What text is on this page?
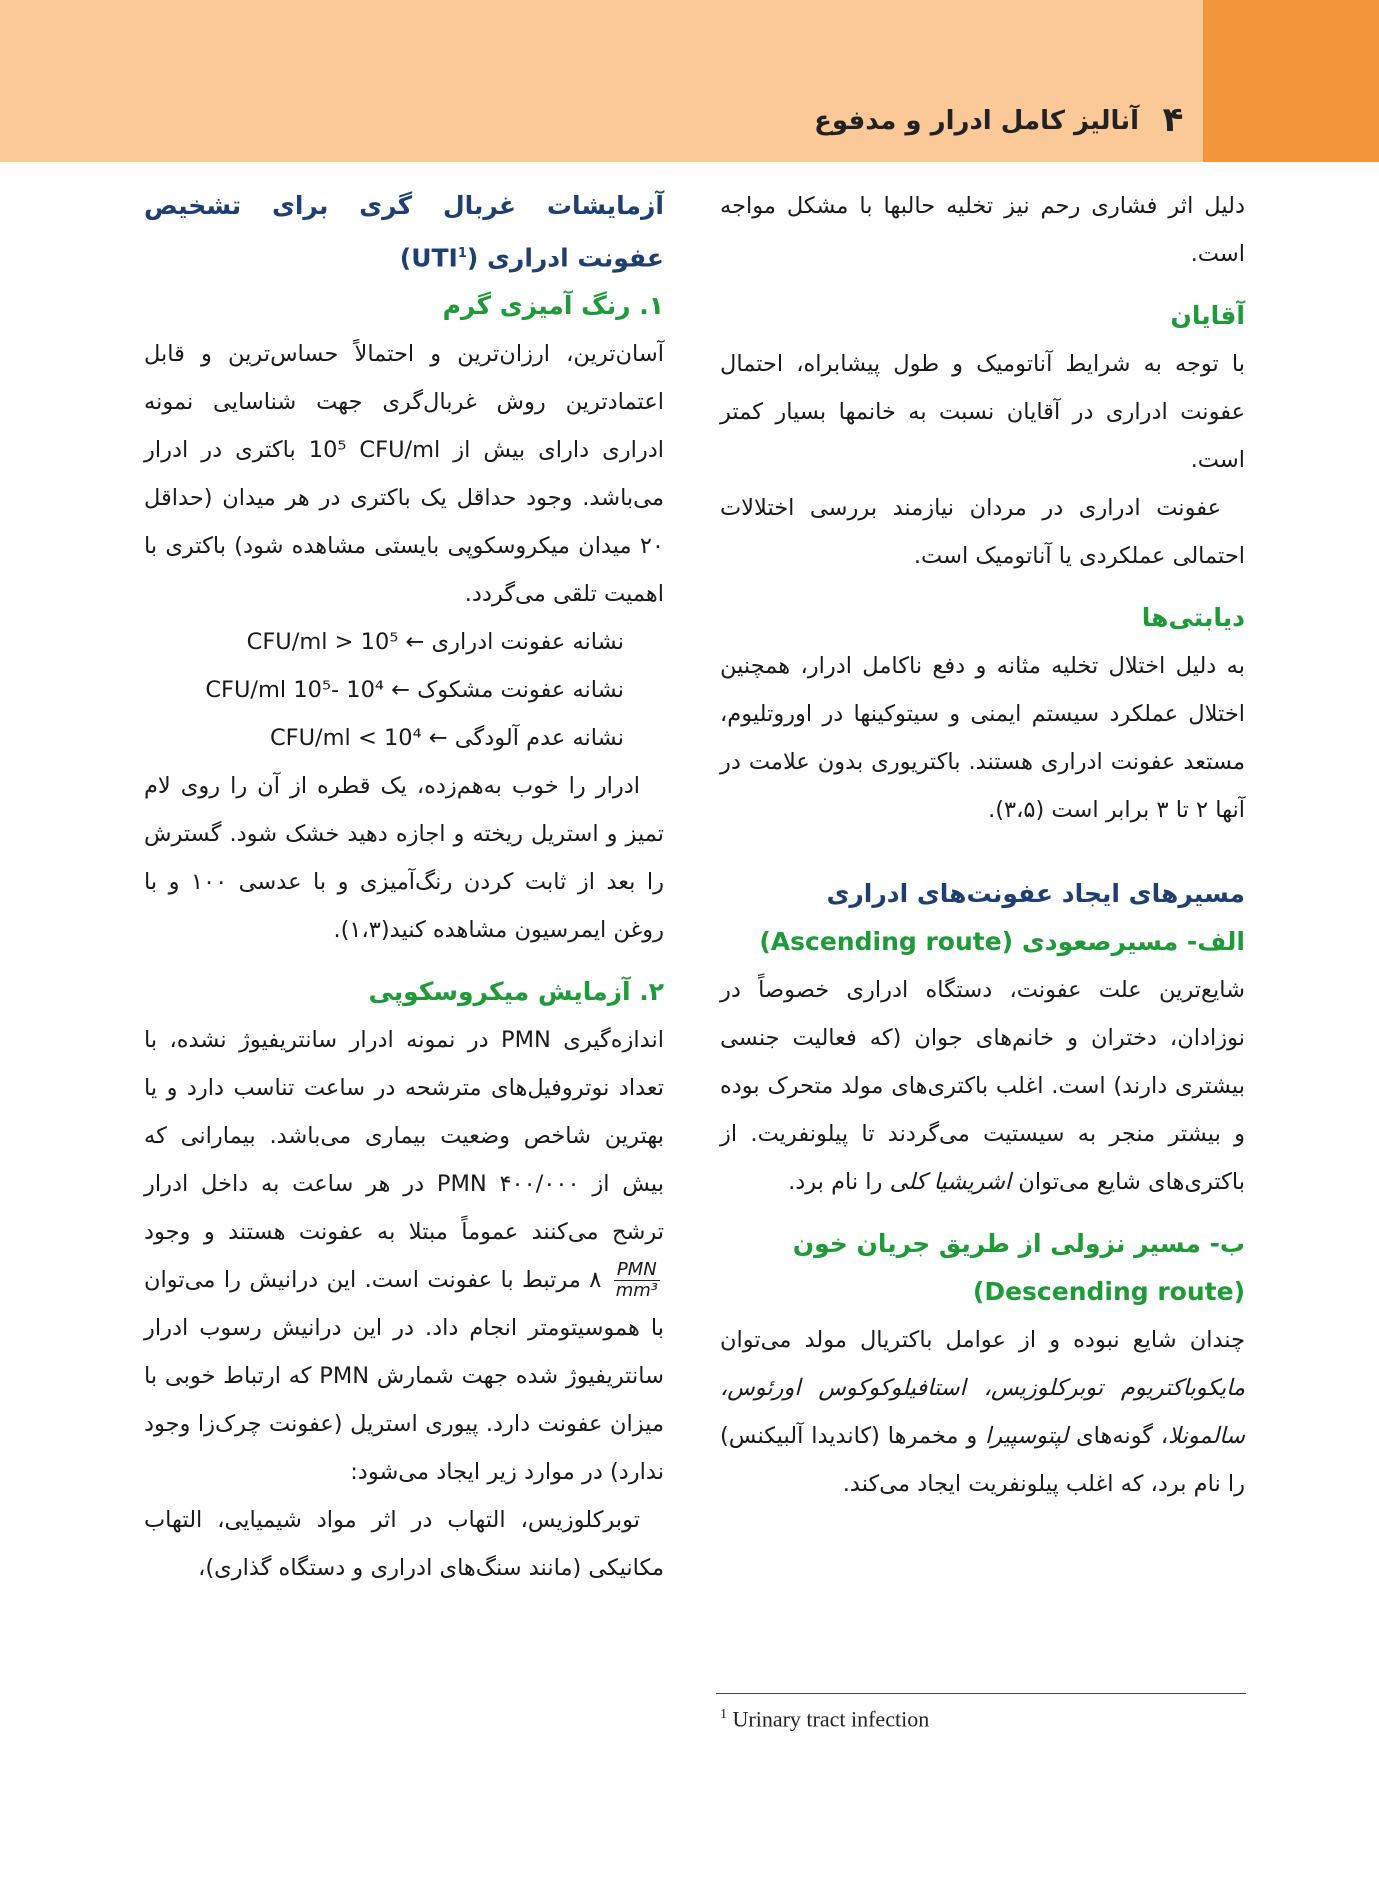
۴
آنالیز کامل ادرار و مدفوع

دلیل اثر فشاری رحم نیز تخلیه حالبها با مشکل مواجه است.

آقایان

با توجه به شرایط آناتومیک و طول پیشابراه، احتمال عفونت ادراری در آقایان نسبت به خانمها بسیار کمتر است.

عفونت ادراری در مردان نیازمند بررسی اختلالات احتمالی عملکردی یا آناتومیک است.

دیابتی‌ها

به دلیل اختلال تخلیه مثانه و دفع ناکامل ادرار، همچنین اختلال عملکرد سیستم ایمنی و سیتوکینها در اوروتلیوم، مستعد عفونت ادراری هستند. باکتریوری بدون علامت در آنها ۲ تا ۳ برابر است (۳،۵).

مسیرهای ایجاد عفونت‌های ادراری

الف- مسیرصعودی (Ascending route)

شایع‌ترین علت عفونت، دستگاه ادراری خصوصاً در نوزادان، دختران و خانم‌های جوان (که فعالیت جنسی بیشتری دارند) است. اغلب باکتری‌های مولد متحرک بوده و بیشتر منجر به سیستیت می‌گردند تا پیلونفریت. از باکتری‌های شایع می‌توان اشریشیا کلی را نام برد.

ب- مسیر نزولی از طریق جریان خون

(Descending route)

چندان شایع نبوده و از عوامل باکتریال مولد می‌توان مایکوباکتریوم توبرکلوزیس، استافیلوکوکوس اورئوس، سالمونلا، گونه‌های لپتوسپیرا و مخمرها (کاندیدا آلبیکنس) را نام برد، که اغلب پیلونفریت ایجاد می‌کند.

آزمایشات غربال گری برای تشخیص عفونت ادراری (UTI$^1$)

۱. رنگ آمیزی گرم

آسان‌ترین، ارزان‌ترین و احتمالاً حساس‌ترین و قابل اعتمادترین روش غربال‌گری جهت شناسایی نمونه ادراری دارای بیش از 10⁵ CFU/ml باکتری در ادرار می‌باشد. وجود حداقل یک باکتری در هر میدان (حداقل ۲۰ میدان میکروسکوپی بایستی مشاهده شود) باکتری با اهمیت تلقی می‌گردد.

نشانه عفونت ادراری ← CFU/ml > 10⁵
نشانه عفونت مشکوک ← CFU/ml 10⁵- 10⁴
نشانه عدم آلودگی ← CFU/ml < 10⁴

ادرار را خوب به‌هم‌زده، یک قطره از آن را روی لام تمیز و استریل ریخته و اجازه دهید خشک شود. گسترش را بعد از ثابت کردن رنگ‌آمیزی و با عدسی ۱۰۰ و با روغن ایمرسیون مشاهده کنید(۱،۳).

۲. آزمایش میکروسکوپی

اندازه‌گیری PMN در نمونه ادرار سانتریفیوژ نشده، با تعداد نوتروفیل‌های مترشحه در ساعت تناسب دارد و یا بهترین شاخص وضعیت بیماری می‌باشد. بیمارانی که بیش از PMN ۴۰۰/۰۰۰ در هر ساعت به داخل ادرار ترشح می‌کنند عموماً مبتلا به عفونت هستند و وجود
$\frac{\text{PMN}}{\text{mm³}}$
۸ مرتبط با عفونت است. این درانیش را می‌توان با هموسیتومتر انجام داد. در این درانیش رسوب ادرار سانتریفیوژ شده جهت شمارش PMN که ارتباط خوبی با میزان عفونت دارد. پیوری استریل (عفونت چرک‌زا وجود ندارد) در موارد زیر ایجاد می‌شود:

توبرکلوزیس، التهاب در اثر مواد شیمیایی، التهاب مکانیکی (مانند سنگ‌های ادراری و دستگاه گذاری)،

$^1$ Urinary tract infection
